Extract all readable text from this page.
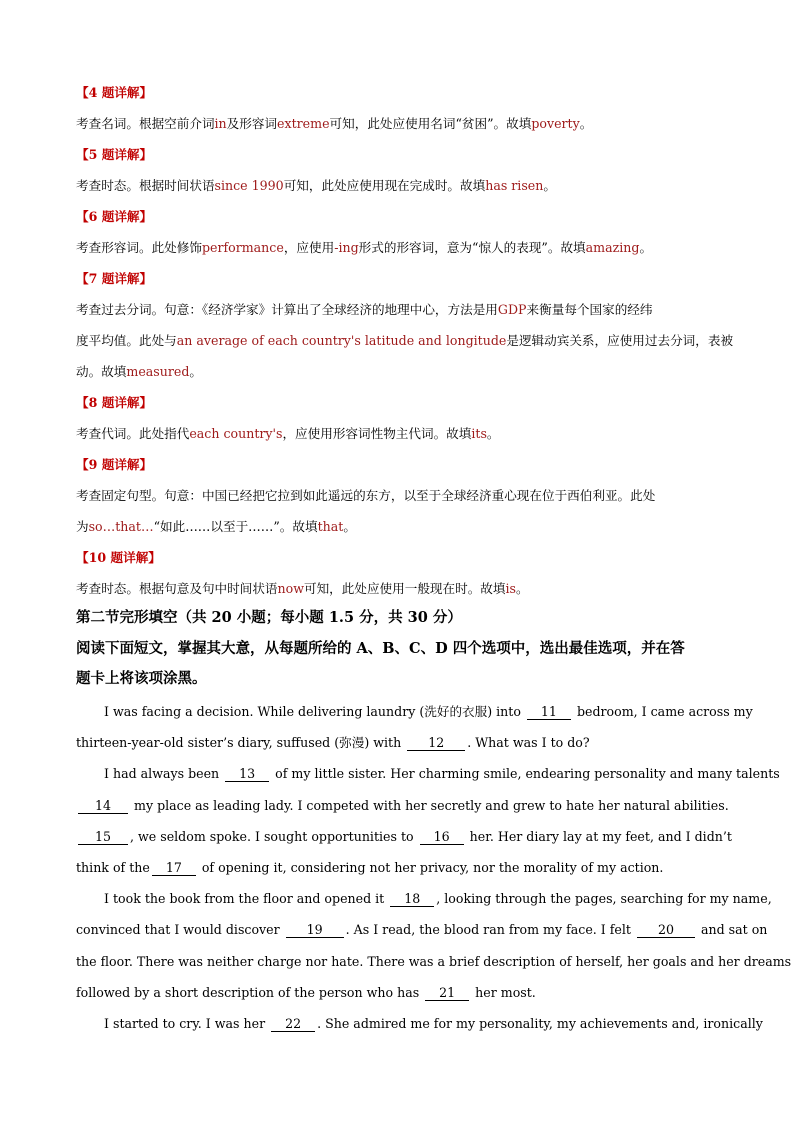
【4 题详解】
考查名词。根据空前介词in及形容词extreme可知，此处应使用名词“贫困”。故填poverty。
【5 题详解】
考查时态。根据时间状语since 1990可知，此处应使用现在完成时。故填has risen。
【6 题详解】
考查形容词。此处修饰performance，应使用-ing形式的形容词，意为“惊人的表现”。故填amazing。
【7 题详解】
考查过去分词。句意：《经济学家》计算出了全球经济的地理中心，方法是用GDP来衡量每个国家的经纬
度平均值。此处与an average of each country's latitude and longitude是逻辑动宾关系，应使用过去分词，表被
动。故填measured。
【8 题详解】
考查代词。此处指代each country's，应使用形容词性物主代词。故填its。
【9 题详解】
考查固定句型。句意：中国已经把它拉到如此遥远的东方，以至于全球经济重心现在位于西伯利亚。此处
为so…that…“如此……以至于……”。故填that。
【10 题详解】
考查时态。根据句意及句中时间状语now可知，此处应使用一般现在时。故填is。
第二节完形填空（共 20 小题；每小题 1.5 分，共 30 分）
阅读下面短文，掌握其大意，从每题所给的 A、B、C、D 四个选项中，选出最佳选项，并在答
题卡上将该项涂黑。
I was facing a decision. While delivering laundry (洗好的衣服) into 11 bedroom, I came across my
thirteen-year-old sister’s diary, suffused (弥漫) with 12 . What was I to do?
I had always been 13 of my little sister. Her charming smile, endearing personality and many talents
14 my place as leading lady. I competed with her secretly and grew to hate her natural abilities.
15 , we seldom spoke. I sought opportunities to 16 her. Her diary lay at my feet, and I didn’t
think of the 17 of opening it, considering not her privacy, nor the morality of my action.
I took the book from the floor and opened it 18 , looking through the pages, searching for my name,
convinced that I would discover 19 . As I read, the blood ran from my face. I felt 20 and sat on
the floor. There was neither charge nor hate. There was a brief description of herself, her goals and her dreams
followed by a short description of the person who has 21 her most.
I started to cry. I was her 22 . She admired me for my personality, my achievements and, ironically
